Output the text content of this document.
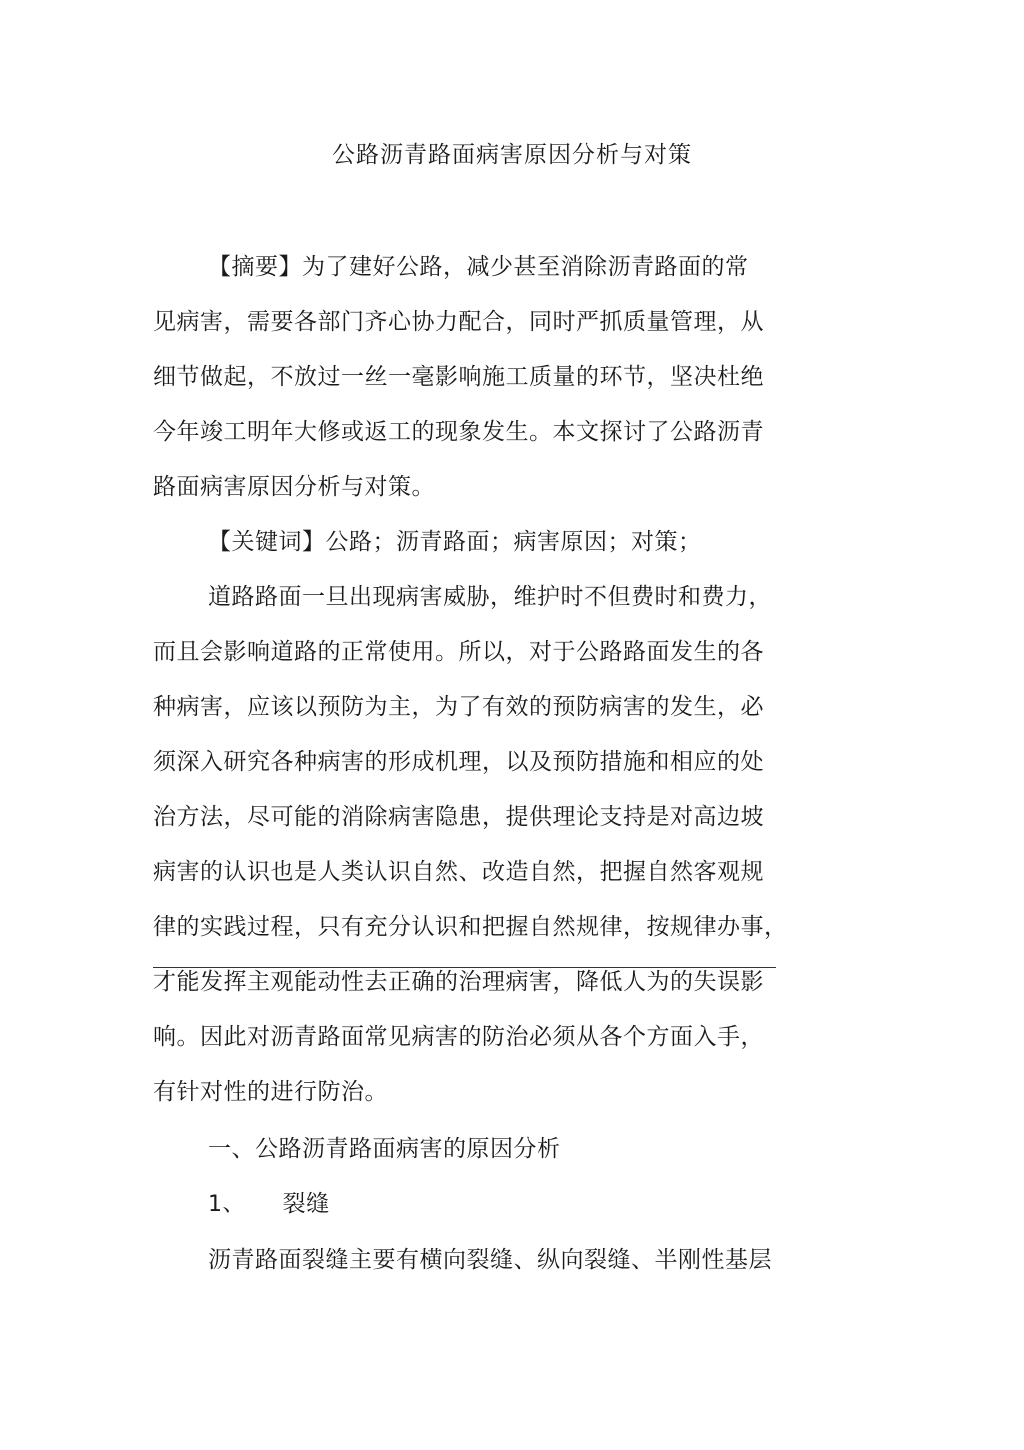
公路沥青路面病害原因分析与对策
【摘要】为了建好公路，减少甚至消除沥青路面的常
见病害，需要各部门齐心协力配合，同时严抓质量管理，从
细节做起，不放过一丝一毫影响施工质量的环节，坚决杜绝
今年竣工明年大修或返工的现象发生。本文探讨了公路沥青
路面病害原因分析与对策。
【关键词】公路；沥青路面；病害原因；对策；
道路路面一旦出现病害威胁，维护时不但费时和费力，
而且会影响道路的正常使用。所以，对于公路路面发生的各
种病害，应该以预防为主，为了有效的预防病害的发生，必
须深入研究各种病害的形成机理，以及预防措施和相应的处
治方法，尽可能的消除病害隐患，提供理论支持是对高边坡
病害的认识也是人类认识自然、改造自然，把握自然客观规
律的实践过程，只有充分认识和把握自然规律，按规律办事，
才能发挥主观能动性去正确的治理病害，降低人为的失误影
响。因此对沥青路面常见病害的防治必须从各个方面入手，
有针对性的进行防治。
一、公路沥青路面病害的原因分析
1、 裂缝
沥青路面裂缝主要有横向裂缝、纵向裂缝、半刚性基层
